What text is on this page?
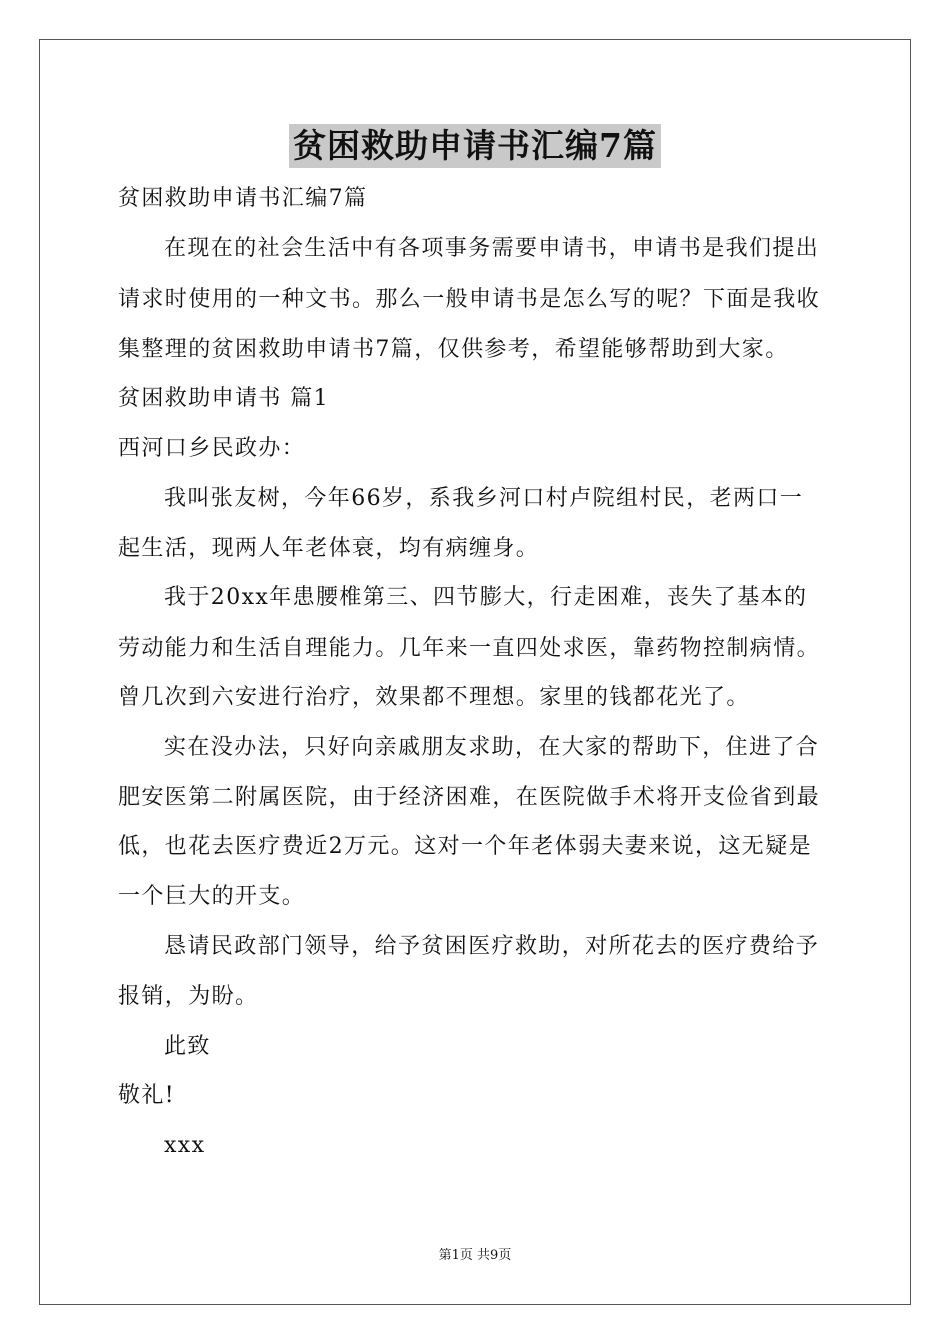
贫困救助申请书汇编7篇
贫困救助申请书汇编7篇
在现在的社会生活中有各项事务需要申请书，申请书是我们提出
请求时使用的一种文书。那么一般申请书是怎么写的呢？下面是我收
集整理的贫困救助申请书7篇，仅供参考，希望能够帮助到大家。
贫困救助申请书 篇1
西河口乡民政办：
我叫张友树，今年66岁，系我乡河口村卢院组村民，老两口一
起生活，现两人年老体衰，均有病缠身。
我于20xx年患腰椎第三、四节膨大，行走困难，丧失了基本的
劳动能力和生活自理能力。几年来一直四处求医，靠药物控制病情。
曾几次到六安进行治疗，效果都不理想。家里的钱都花光了。
实在没办法，只好向亲戚朋友求助，在大家的帮助下，住进了合
肥安医第二附属医院，由于经济困难，在医院做手术将开支俭省到最
低，也花去医疗费近2万元。这对一个年老体弱夫妻来说，这无疑是
一个巨大的开支。
恳请民政部门领导，给予贫困医疗救助，对所花去的医疗费给予
报销，为盼。
此致
敬礼!
xxx
第1页 共9页
